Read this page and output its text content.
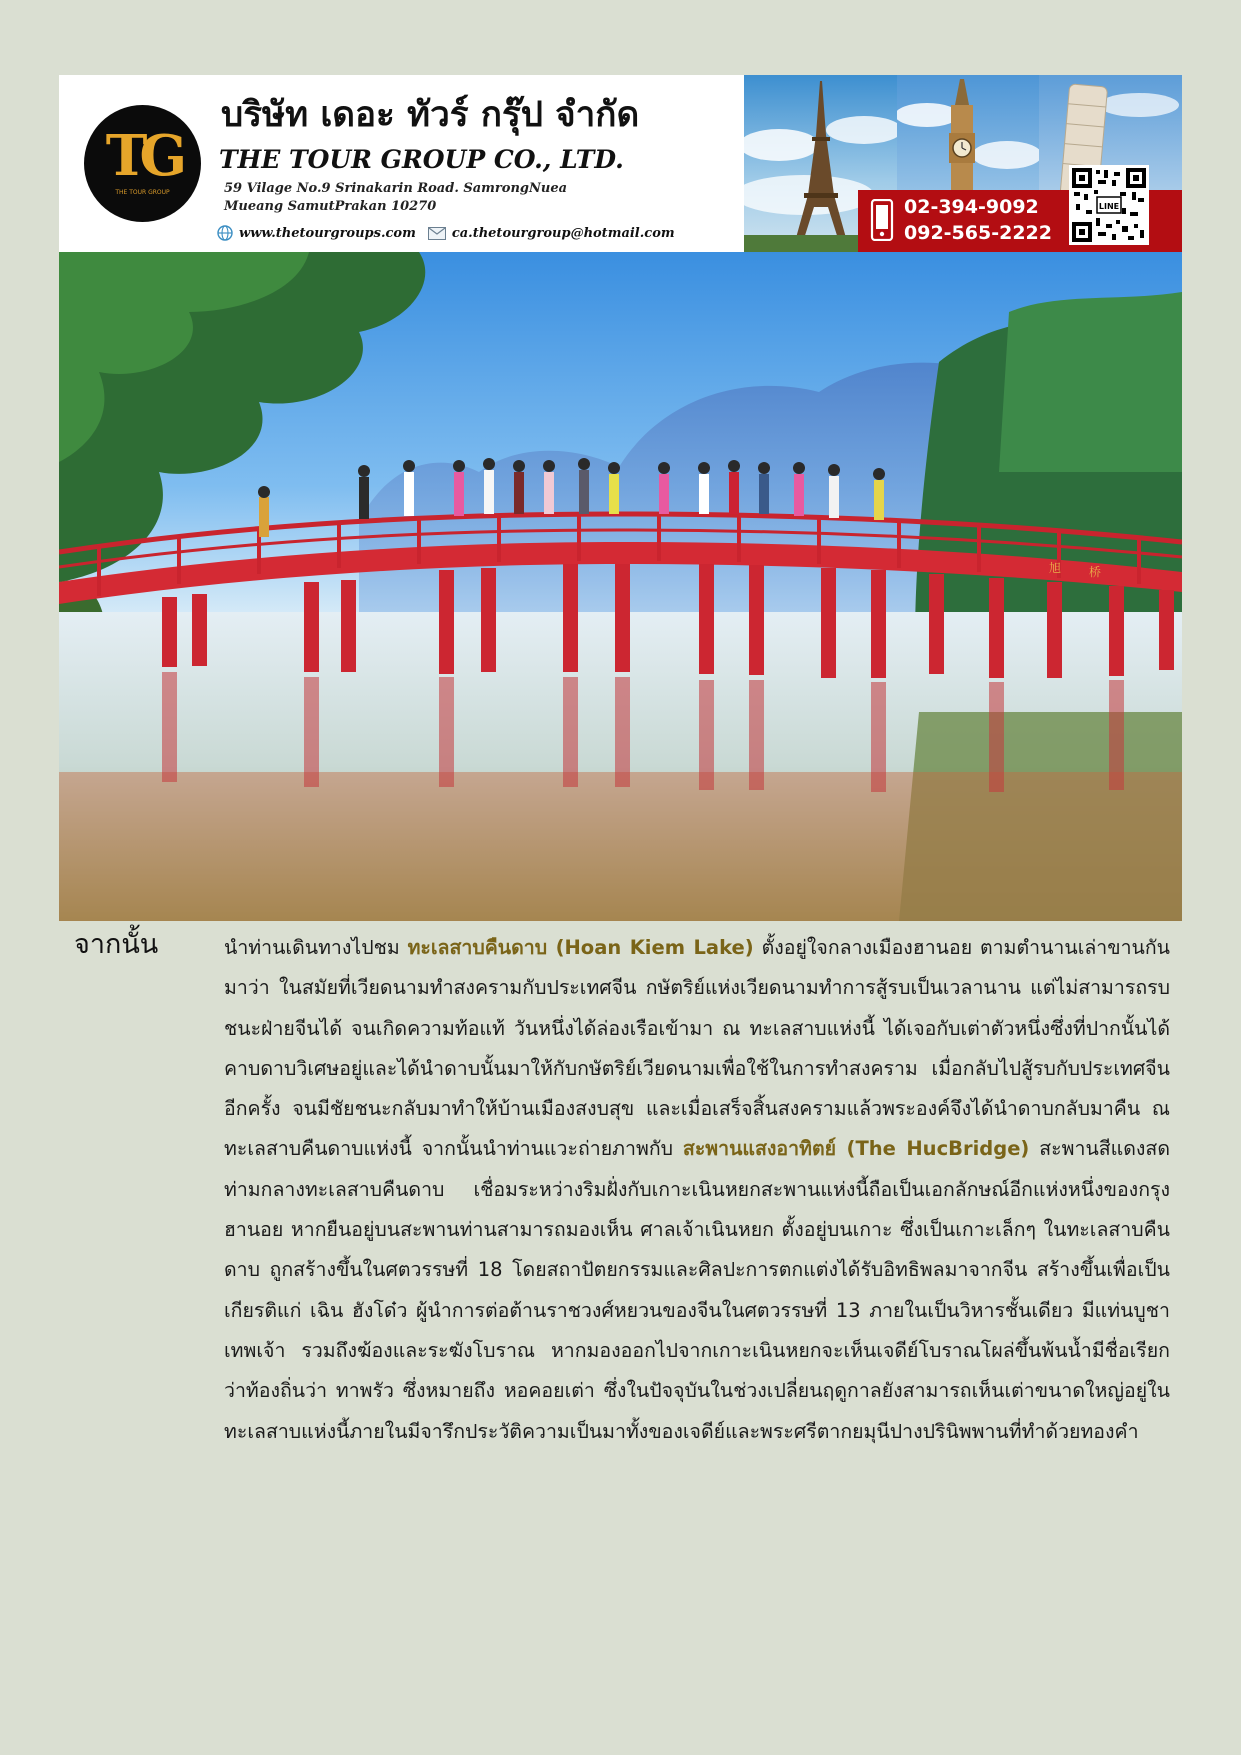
TG
THE TOUR GROUP
บริษัท เดอะ ทัวร์ กรุ๊ป จำกัด
THE TOUR GROUP CO., LTD.
59 Vilage No.9 Srinakarin Road. SamrongNuea
Mueang SamutPrakan 10270
www.thetourgroups.com	ca.thetourgroup@hotmail.com
02-394-9092
092-565-2222
LINE
旭 桥
จากนั้น	นำท่านเดินทางไปชม ทะเลสาบคืนดาบ (Hoan Kiem Lake) ตั้งอยู่ใจกลางเมืองฮานอย ตามตำนานเล่าขานกันมาว่า ในสมัยที่เวียดนามทำสงครามกับประเทศจีน กษัตริย์แห่งเวียดนามทำการสู้รบเป็นเวลานาน แต่ไม่สามารถรบชนะฝ่ายจีนได้ จนเกิดความท้อแท้ วันหนึ่งได้ล่องเรือเข้ามา ณ ทะเลสาบแห่งนี้ ได้เจอกับเต่าตัวหนึ่งซึ่งที่ปากนั้นได้คาบดาบวิเศษอยู่และได้นำดาบนั้นมาให้กับกษัตริย์เวียดนามเพื่อใช้ในการทำสงคราม เมื่อกลับไปสู้รบกับประเทศจีนอีกครั้ง จนมีชัยชนะกลับมาทำให้บ้านเมืองสงบสุข และเมื่อเสร็จสิ้นสงครามแล้วพระองค์จึงได้นำดาบกลับมาคืน ณ ทะเลสาบคืนดาบแห่งนี้ จากนั้นนำท่านแวะถ่ายภาพกับ สะพานแสงอาทิตย์ (The HucBridge) สะพานสีแดงสดท่ามกลางทะเลสาบคืนดาบ เชื่อมระหว่างริมฝั่งกับเกาะเนินหยกสะพานแห่งนี้ถือเป็นเอกลักษณ์อีกแห่งหนึ่งของกรุงฮานอย หากยืนอยู่บนสะพานท่านสามารถมองเห็น ศาลเจ้าเนินหยก ตั้งอยู่บนเกาะ ซึ่งเป็นเกาะเล็กๆ ในทะเลสาบคืนดาบ ถูกสร้างขึ้นในศตวรรษที่ 18 โดยสถาปัตยกรรมและศิลปะการตกแต่งได้รับอิทธิพลมาจากจีน สร้างขึ้นเพื่อเป็นเกียรติแก่ เฉิน ฮังโด๋ว ผู้นำการต่อต้านราชวงศ์หยวนของจีนในศตวรรษที่ 13 ภายในเป็นวิหารชั้นเดียว มีแท่นบูชาเทพเจ้า รวมถึงฆ้องและระฆังโบราณ หากมองออกไปจากเกาะเนินหยกจะเห็นเจดีย์โบราณโผล่ขึ้นพ้นน้ำมีชื่อเรียกว่าท้องถิ่นว่า ทาพรัว ซึ่งหมายถึง หอคอยเต่า ซึ่งในปัจจุบันในช่วงเปลี่ยนฤดูกาลยังสามารถเห็นเต่าขนาดใหญ่อยู่ในทะเลสาบแห่งนี้ภายในมีจารึกประวัติความเป็นมาทั้งของเจดีย์และพระศรีตากยมุนีปางปรินิพพานที่ทำด้วยทองคำ
